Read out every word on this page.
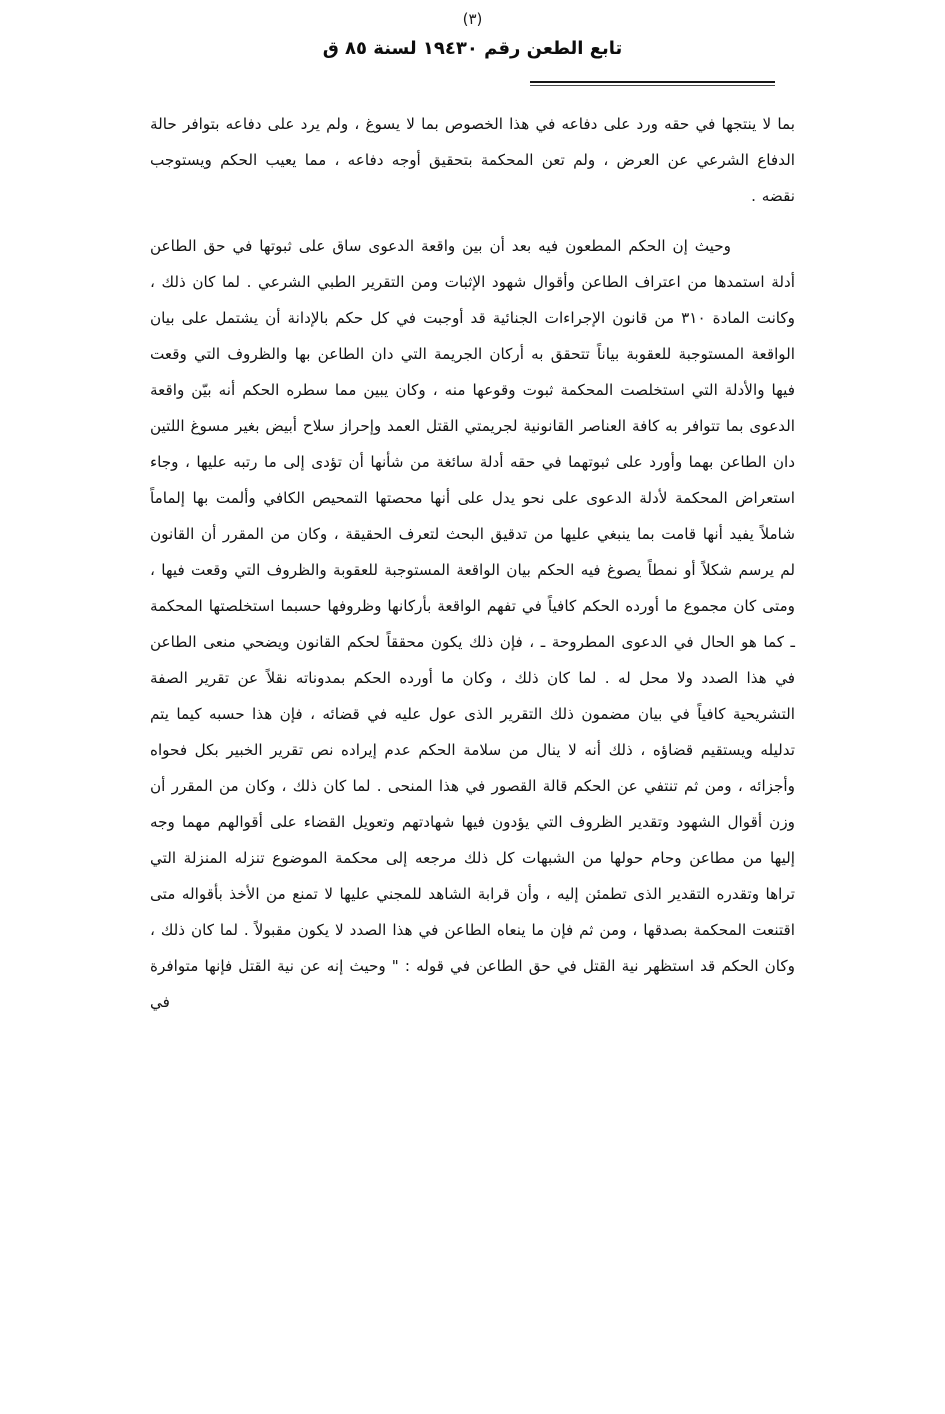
(٣)
تابع الطعن رقم ١٩٤٣٠ لسنة ٨٥ ق

بما لا ينتجها في حقه ورد على دفاعه في هذا الخصوص بما لا يسوغ ، ولم يرد على دفاعه بتوافر حالة الدفاع الشرعي عن العرض ، ولم تعن المحكمة بتحقيق أوجه دفاعه ، مما يعيب الحكم ويستوجب نقضه .

وحيث إن الحكم المطعون فيه بعد أن بين واقعة الدعوى ساق على ثبوتها في حق الطاعن أدلة استمدها من اعتراف الطاعن وأقوال شهود الإثبات ومن التقرير الطبي الشرعي . لما كان ذلك ، وكانت المادة ٣١٠ من قانون الإجراءات الجنائية قد أوجبت في كل حكم بالإدانة أن يشتمل على بيان الواقعة المستوجبة للعقوبة بياناً تتحقق به أركان الجريمة التي دان الطاعن بها والظروف التي وقعت فيها والأدلة التي استخلصت المحكمة ثبوت وقوعها منه ، وكان يبين مما سطره الحكم أنه بيّن واقعة الدعوى بما تتوافر به كافة العناصر القانونية لجريمتي القتل العمد وإحراز سلاح أبيض بغير مسوغ اللتين دان الطاعن بهما وأورد على ثبوتهما في حقه أدلة سائغة من شأنها أن تؤدى إلى ما رتبه عليها ، وجاء استعراض المحكمة لأدلة الدعوى على نحو يدل على أنها محصتها التمحيص الكافي وألمت بها إلماماً شاملاً يفيد أنها قامت بما ينبغي عليها من تدقيق البحث لتعرف الحقيقة ، وكان من المقرر أن القانون لم يرسم شكلاً أو نمطاً يصوغ فيه الحكم بيان الواقعة المستوجبة للعقوبة والظروف التي وقعت فيها ، ومتى كان مجموع ما أورده الحكم كافياً في تفهم الواقعة بأركانها وظروفها حسبما استخلصتها المحكمة ـ كما هو الحال في الدعوى المطروحة ـ ، فإن ذلك يكون محققاً لحكم القانون ويضحي منعى الطاعن في هذا الصدد ولا محل له . لما كان ذلك ، وكان ما أورده الحكم بمدوناته نقلاً عن تقرير الصفة التشريحية كافياً في بيان مضمون ذلك التقرير الذى عول عليه في قضائه ، فإن هذا حسبه كيما يتم تدليله ويستقيم قضاؤه ، ذلك أنه لا ينال من سلامة الحكم عدم إيراده نص تقرير الخبير بكل فحواه وأجزائه ، ومن ثم تنتفي عن الحكم قالة القصور في هذا المنحى . لما كان ذلك ، وكان من المقرر أن وزن أقوال الشهود وتقدير الظروف التي يؤدون فيها شهادتهم وتعويل القضاء على أقوالهم مهما وجه إليها من مطاعن وحام حولها من الشبهات كل ذلك مرجعه إلى محكمة الموضوع تنزله المنزلة التي تراها وتقدره التقدير الذى تطمئن إليه ، وأن قرابة الشاهد للمجني عليها لا تمنع من الأخذ بأقواله متى اقتنعت المحكمة بصدقها ، ومن ثم فإن ما ينعاه الطاعن في هذا الصدد لا يكون مقبولاً . لما كان ذلك ، وكان الحكم قد استظهر نية القتل في حق الطاعن في قوله : " وحيث إنه عن نية القتل فإنها متوافرة في
